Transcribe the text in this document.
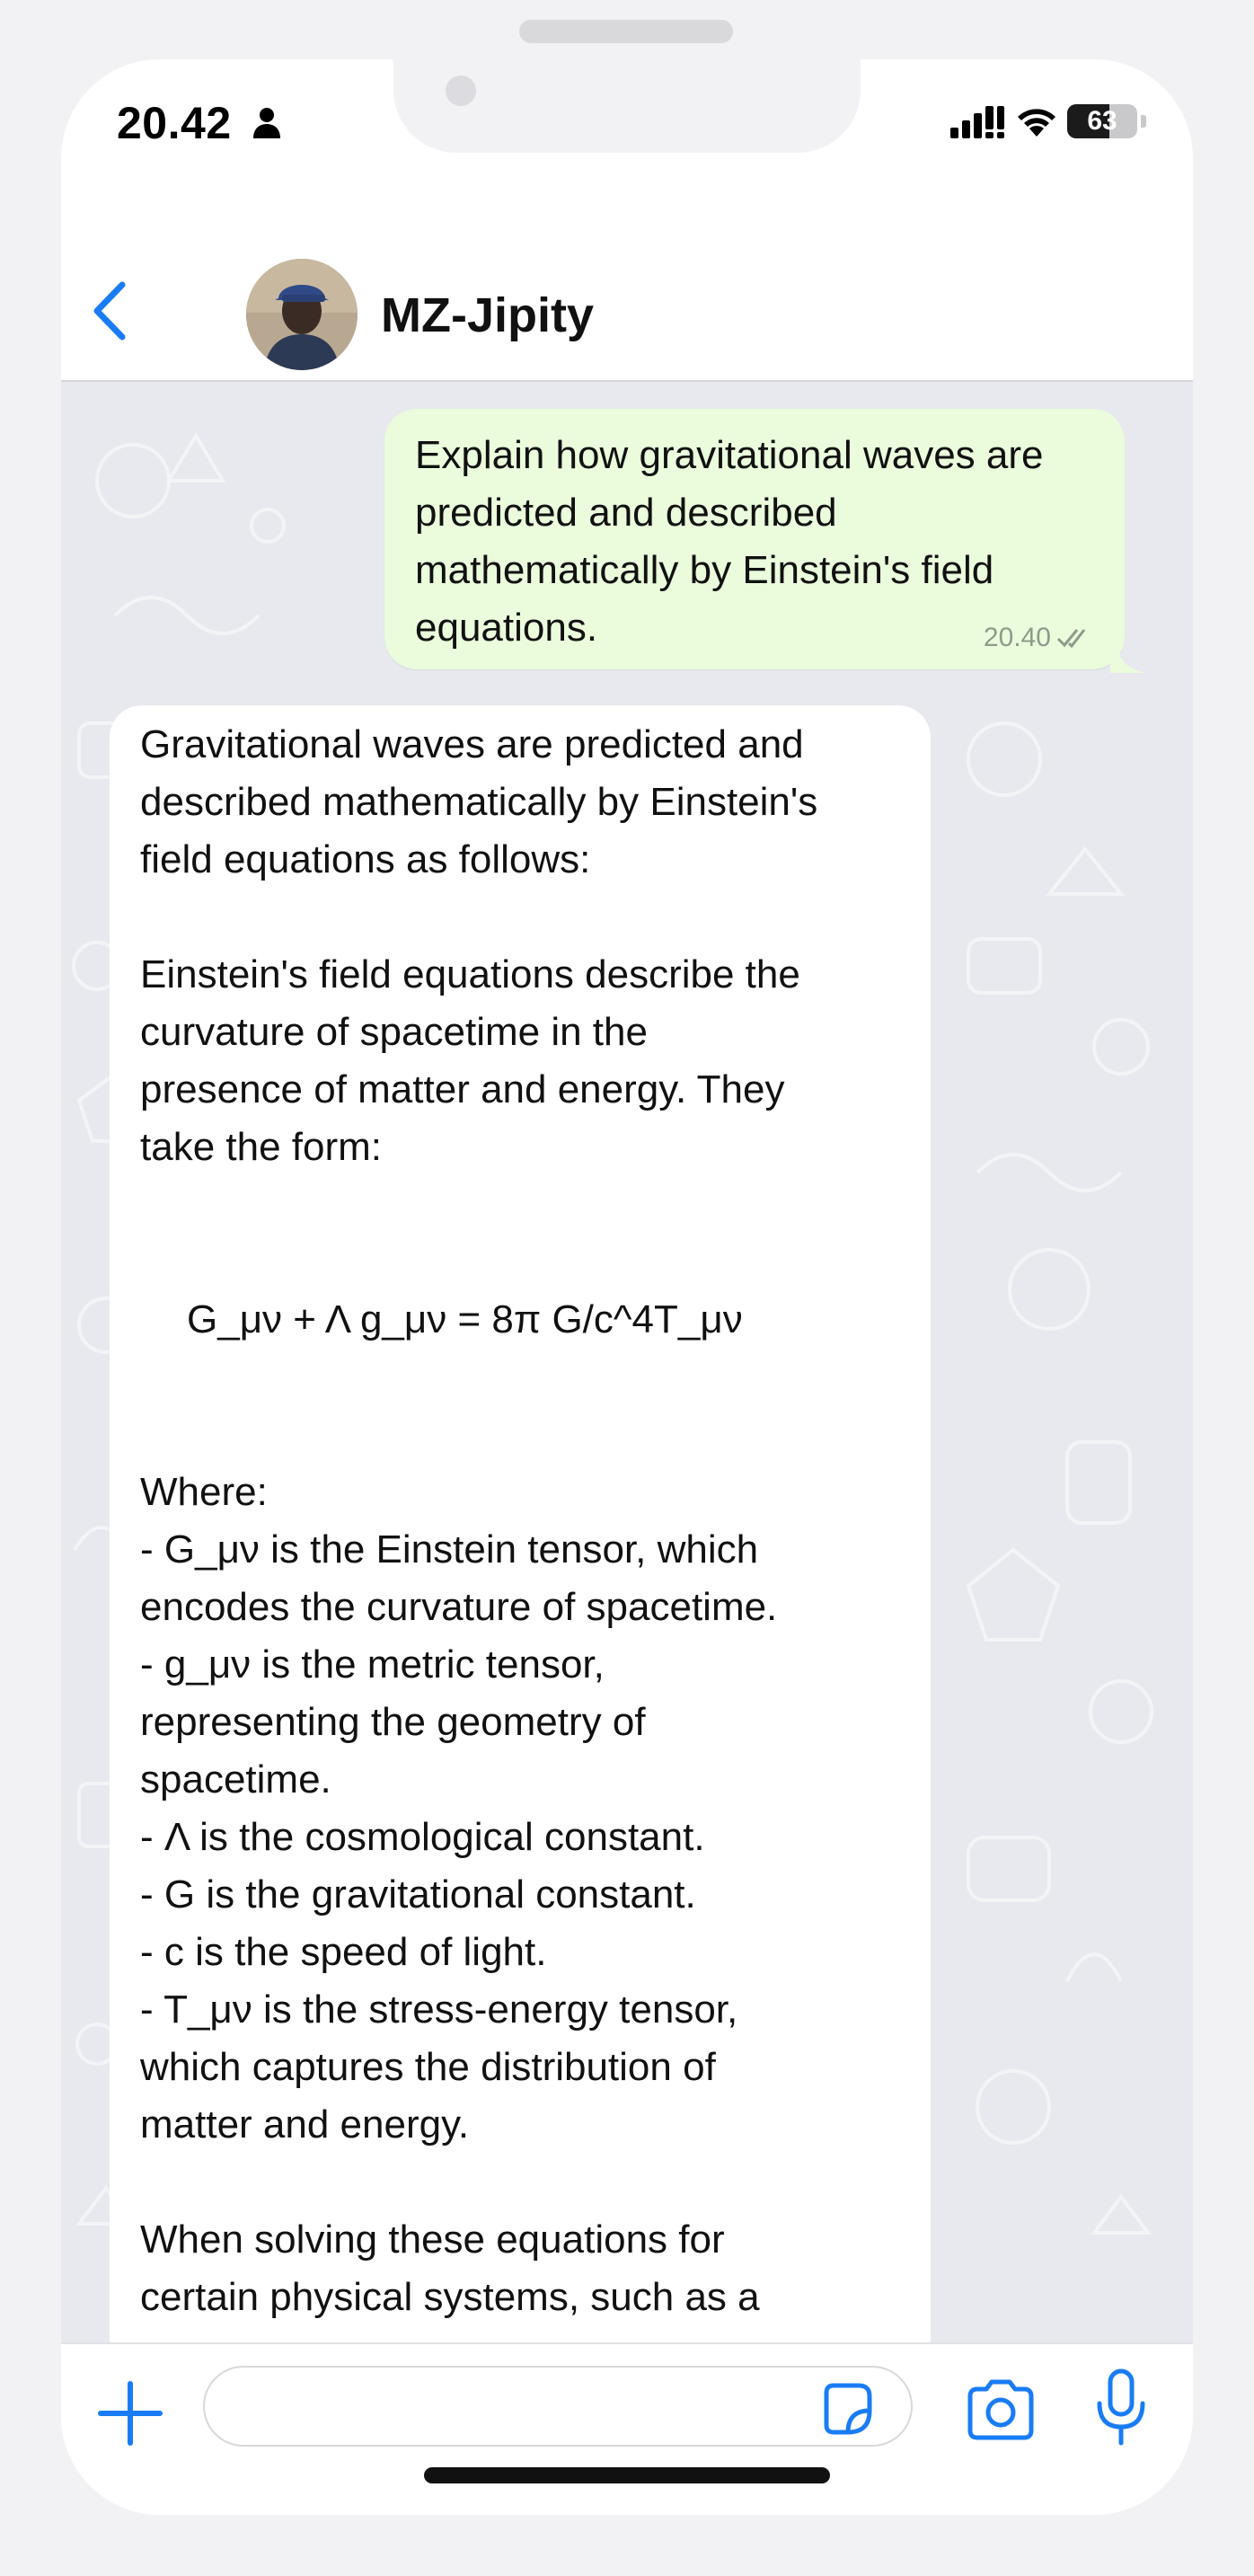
20.42	63
MZ-Jipity
Explain how gravitational waves are
predicted and described
mathematically by Einstein's field
equations.	20.40

Gravitational waves are predicted and
described mathematically by Einstein's
field equations as follows:

Einstein's field equations describe the
curvature of spacetime in the
presence of matter and energy. They
take the form:

G_μν + Λ g_μν = 8π G/c^4T_μν

Where:
- G_μν is the Einstein tensor, which
encodes the curvature of spacetime.
- g_μν is the metric tensor,
representing the geometry of
spacetime.
- Λ is the cosmological constant.
- G is the gravitational constant.
- c is the speed of light.
- T_μν is the stress-energy tensor,
which captures the distribution of
matter and energy.

When solving these equations for
certain physical systems, such as a
